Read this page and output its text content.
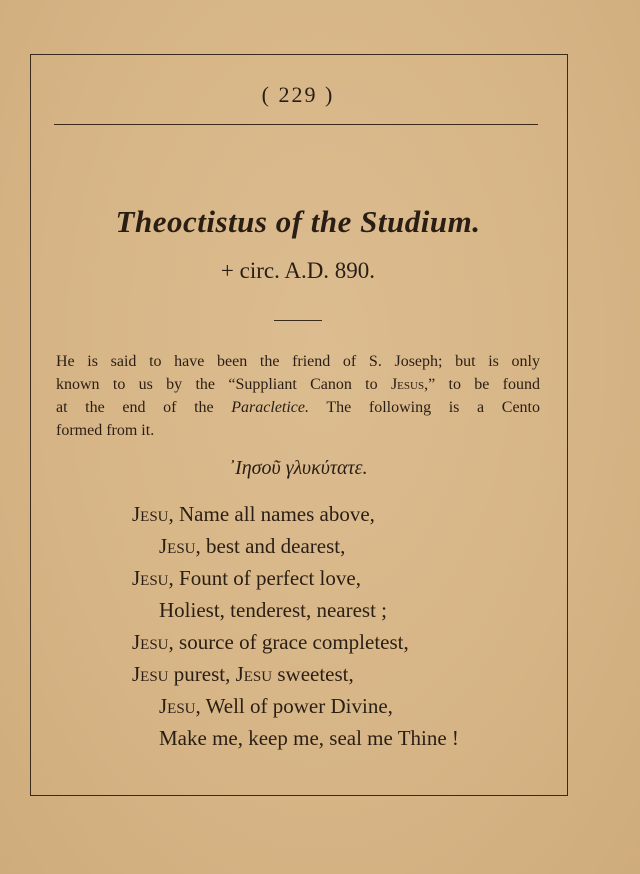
( 229 )
Theoctistus of the Studium.
+ circ. A.D. 890.
He is said to have been the friend of S. Joseph; but is only
known to us by the “Suppliant Canon to Jesus,” to be found
at the end of the Paracletice. The following is a Cento
formed from it.
᾿Iησοῦ γλυκύτατε.
Jesu, Name all names above,
Jesu, best and dearest,
Jesu, Fount of perfect love,
Holiest, tenderest, nearest ;
Jesu, source of grace completest,
Jesu purest, Jesu sweetest,
Jesu, Well of power Divine,
Make me, keep me, seal me Thine !
